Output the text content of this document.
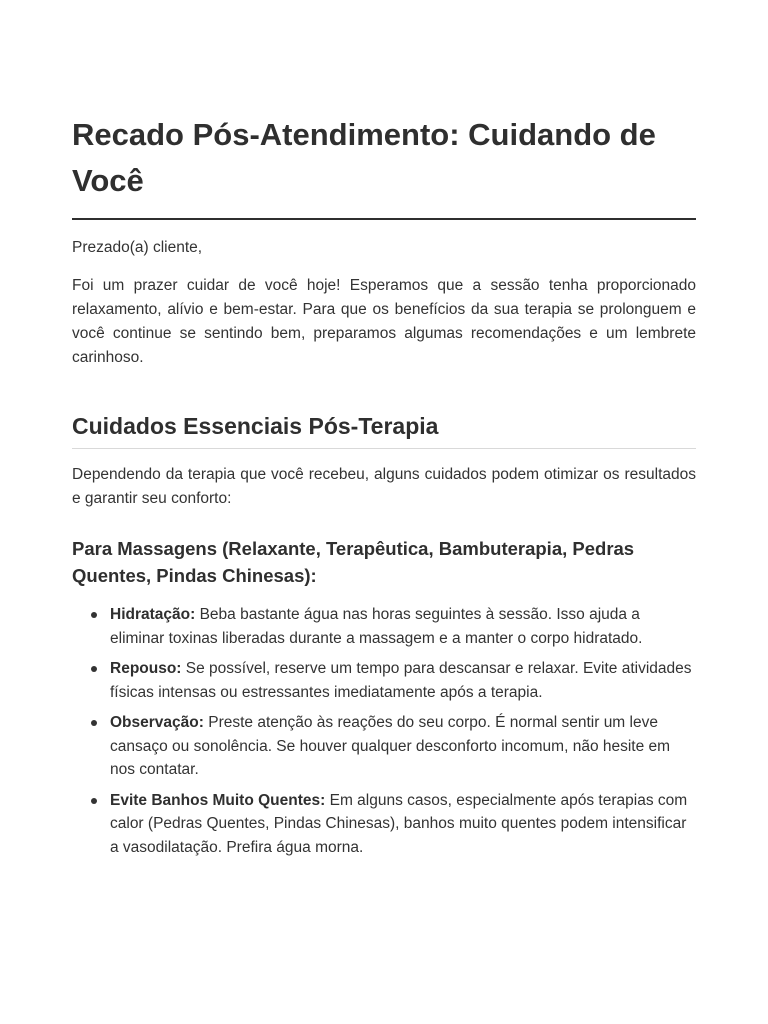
Recado Pós-Atendimento: Cuidando de Você

Prezado(a) cliente,

Foi um prazer cuidar de você hoje! Esperamos que a sessão tenha proporcionado relaxamento, alívio e bem-estar. Para que os benefícios da sua terapia se prolonguem e você continue se sentindo bem, preparamos algumas recomendações e um lembrete carinhoso.

Cuidados Essenciais Pós-Terapia

Dependendo da terapia que você recebeu, alguns cuidados podem otimizar os resultados e garantir seu conforto:

Para Massagens (Relaxante, Terapêutica, Bambuterapia, Pedras Quentes, Pindas Chinesas):
Hidratação: Beba bastante água nas horas seguintes à sessão. Isso ajuda a eliminar toxinas liberadas durante a massagem e a manter o corpo hidratado.
Repouso: Se possível, reserve um tempo para descansar e relaxar. Evite atividades físicas intensas ou estressantes imediatamente após a terapia.
Observação: Preste atenção às reações do seu corpo. É normal sentir um leve cansaço ou sonolência. Se houver qualquer desconforto incomum, não hesite em nos contatar.
Evite Banhos Muito Quentes: Em alguns casos, especialmente após terapias com calor (Pedras Quentes, Pindas Chinesas), banhos muito quentes podem intensificar a vasodilatação. Prefira água morna.
